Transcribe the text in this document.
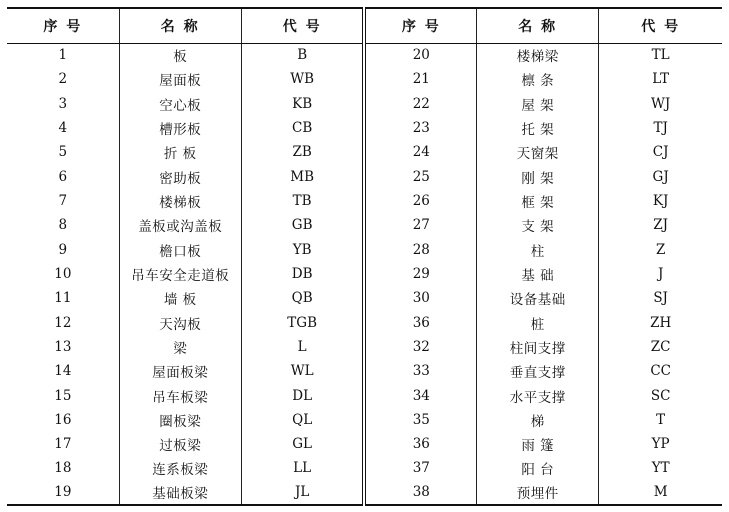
序 号	名 称	代 号	序 号	名 称	代 号
1	板	B	20	楼梯梁	TL
2	屋面板	WB	21	檩 条	LT
3	空心板	KB	22	屋 架	WJ
4	槽形板	CB	23	托 架	TJ
5	折 板	ZB	24	天窗架	CJ
6	密助板	MB	25	刚 架	GJ
7	楼梯板	TB	26	框 架	KJ
8	盖板或沟盖板	GB	27	支 架	ZJ
9	檐口板	YB	28	柱	Z
10	吊车安全走道板	DB	29	基 础	J
11	墙 板	QB	30	设备基础	SJ
12	天沟板	TGB	36	桩	ZH
13	梁	L	32	柱间支撑	ZC
14	屋面板梁	WL	33	垂直支撑	CC
15	吊车板梁	DL	34	水平支撑	SC
16	圈板梁	QL	35	梯	T
17	过板梁	GL	36	雨 篷	YP
18	连系板梁	LL	37	阳 台	YT
19	基础板梁	JL	38	预埋件	M
